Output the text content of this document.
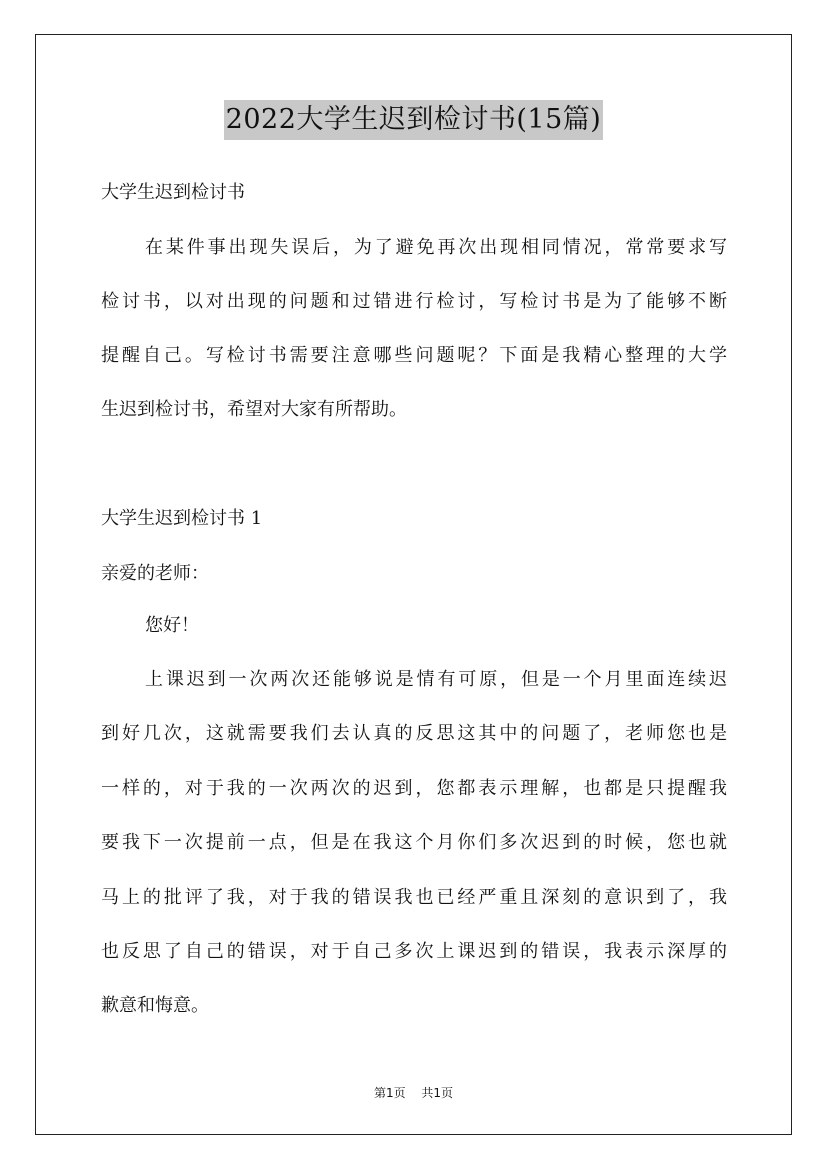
2022大学生迟到检讨书(15篇)
大学生迟到检讨书
在某件事出现失误后，为了避免再次出现相同情况，常常要求写
检讨书，以对出现的问题和过错进行检讨，写检讨书是为了能够不断
提醒自己。写检讨书需要注意哪些问题呢？下面是我精心整理的大学
生迟到检讨书，希望对大家有所帮助。
大学生迟到检讨书 1
亲爱的老师：
您好！
上课迟到一次两次还能够说是情有可原，但是一个月里面连续迟
到好几次，这就需要我们去认真的反思这其中的问题了，老师您也是
一样的，对于我的一次两次的迟到，您都表示理解，也都是只提醒我
要我下一次提前一点，但是在我这个月你们多次迟到的时候，您也就
马上的批评了我，对于我的错误我也已经严重且深刻的意识到了，我
也反思了自己的错误，对于自己多次上课迟到的错误，我表示深厚的
歉意和悔意。
第1页 共1页
